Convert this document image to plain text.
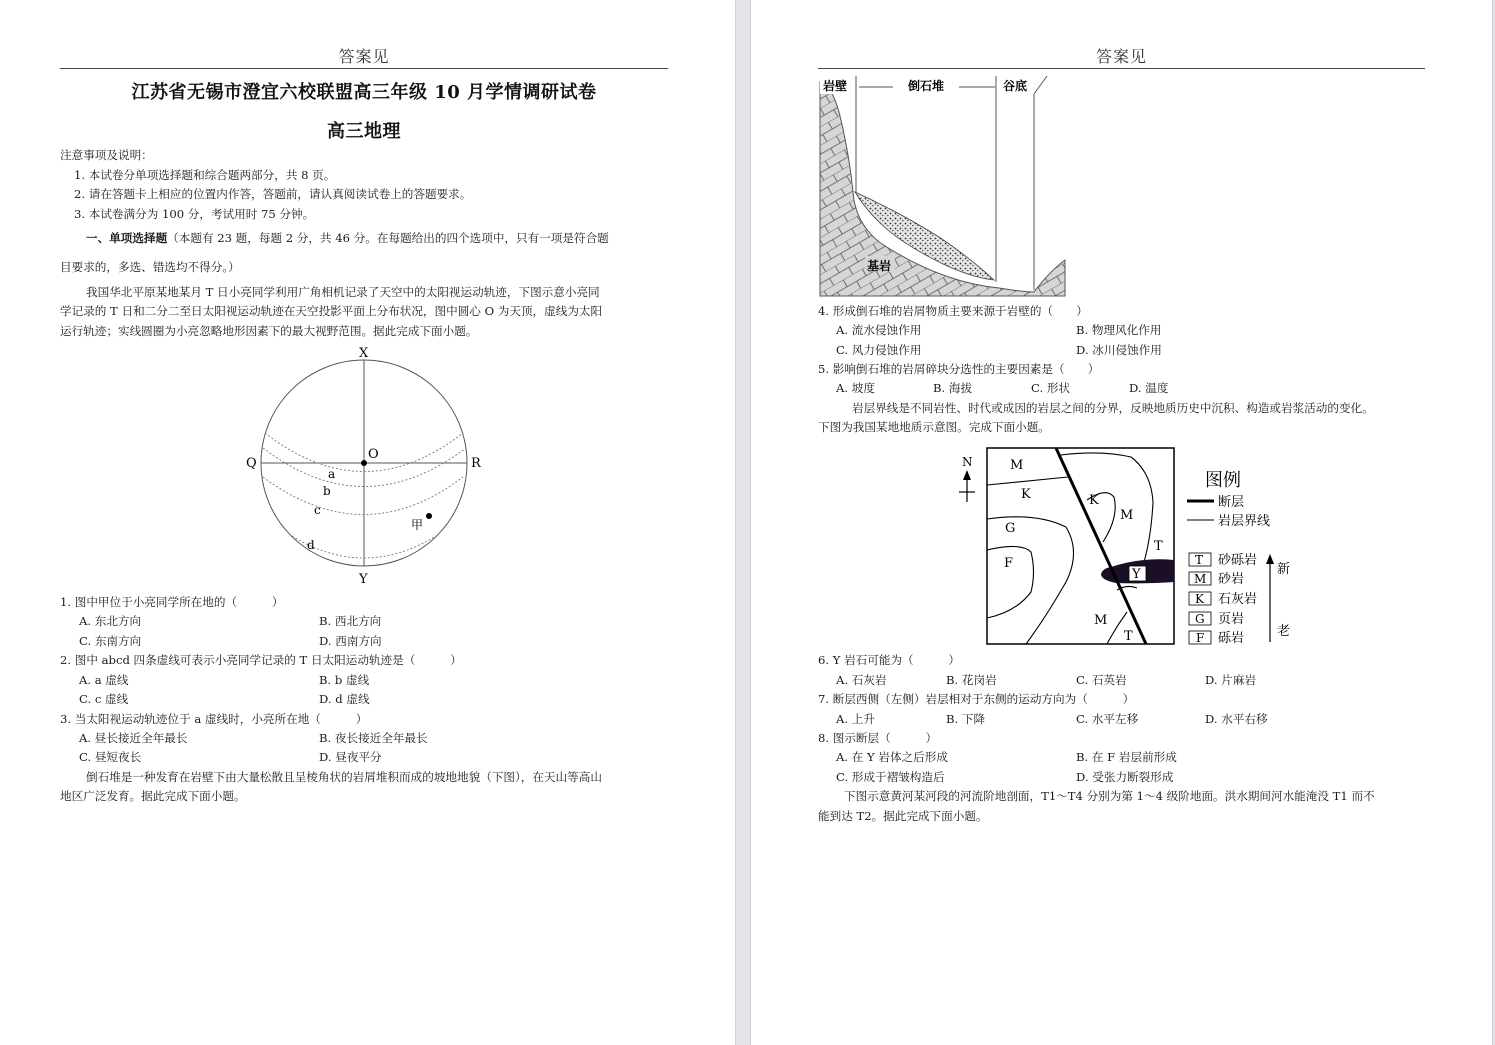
答案见
江苏省无锡市澄宜六校联盟高三年级 10 月学情调研试卷
高三地理
注意事项及说明：
1. 本试卷分单项选择题和综合题两部分，共 8 页。
2. 请在答题卡上相应的位置内作答，答题前，请认真阅读试卷上的答题要求。
3. 本试卷满分为 100 分，考试用时 75 分钟。
一、单项选择题（本题有 23 题，每题 2 分，共 46 分。在每题给出的四个选项中，只有一项是符合题
目要求的，多选、错选均不得分。）
我国华北平原某地某月 T 日小亮同学利用广角相机记录了天空中的太阳视运动轨迹，下图示意小亮同
学记录的 T 日和二分二至日太阳视运动轨迹在天空投影平面上分布状况，图中圆心 O 为天顶，虚线为太阳
运行轨迹；实线圆圈为小亮忽略地形因素下的最大视野范围。据此完成下面小题。
X
Y
Q	R
O
甲
a
b
c
d
1. 图中甲位于小亮同学所在地的（　　　）
A. 东北方向	B. 西北方向
C. 东南方向	D. 西南方向
2. 图中 abcd 四条虚线可表示小亮同学记录的 T 日太阳运动轨迹是（　　　）
A. a 虚线	B. b 虚线
C. c 虚线	D. d 虚线
3. 当太阳视运动轨迹位于 a 虚线时，小亮所在地（　　　）
A. 昼长接近全年最长	B. 夜长接近全年最长
C. 昼短夜长	D. 昼夜平分
倒石堆是一种发育在岩壁下由大量松散且呈棱角状的岩屑堆积而成的坡地地貌（下图），在天山等高山
地区广泛发育。据此完成下面小题。
答案见
岩壁	倒石堆	谷底
基岩
4. 形成倒石堆的岩屑物质主要来源于岩壁的（　　）
A. 流水侵蚀作用	B. 物理风化作用
C. 风力侵蚀作用	D. 冰川侵蚀作用
5. 影响倒石堆的岩屑碎块分选性的主要因素是（　　）
A. 坡度	B. 海拔	C. 形状	D. 温度
岩层界线是不同岩性、时代或成因的岩层之间的分界，反映地质历史中沉积、构造或岩浆活动的变化。
下图为我国某地地质示意图。完成下面小题。
N	M
K
G
F
K
M
T
Y
M
T
图例
断层
岩层界线
T 砂砾岩
M 砂岩
K 石灰岩
G 页岩
F 砾岩
新
老
6. Y 岩石可能为（　　　）
A. 石灰岩	B. 花岗岩	C. 石英岩	D. 片麻岩
7. 断层西侧（左侧）岩层相对于东侧的运动方向为（　　　）
A. 上升	B. 下降	C. 水平左移	D. 水平右移
8. 图示断层（　　　）
A. 在 Y 岩体之后形成	B. 在 F 岩层前形成
C. 形成于褶皱构造后	D. 受张力断裂形成
下图示意黄河某河段的河流阶地剖面，T1～T4 分别为第 1～4 级阶地面。洪水期间河水能淹没 T1 而不
能到达 T2。据此完成下面小题。
